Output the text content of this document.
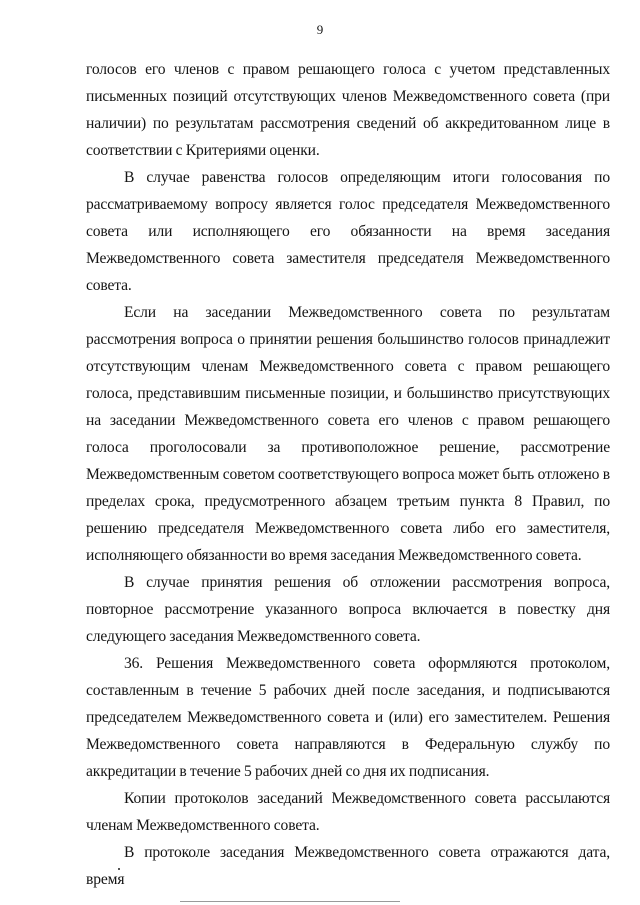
9

голосов его членов с правом решающего голоса с учетом представленных письменных позиций отсутствующих членов Межведомственного совета (при наличии) по результатам рассмотрения сведений об аккредитованном лице в соответствии с Критериями оценки.

В случае равенства голосов определяющим итоги голосования по рассматриваемому вопросу является голос председателя Межведомственного совета или исполняющего его обязанности на время заседания Межведомственного совета заместителя председателя Межведомственного совета.

Если на заседании Межведомственного совета по результатам рассмотрения вопроса о принятии решения большинство голосов принадлежит отсутствующим членам Межведомственного совета с правом решающего голоса, представившим письменные позиции, и большинство присутствующих на заседании Межведомственного совета его членов с правом решающего голоса проголосовали за противоположное решение, рассмотрение Межведомственным советом соответствующего вопроса может быть отложено в пределах срока, предусмотренного абзацем третьим пункта 8 Правил, по решению председателя Межведомственного совета либо его заместителя, исполняющего обязанности во время заседания Межведомственного совета.

В случае принятия решения об отложении рассмотрения вопроса, повторное рассмотрение указанного вопроса включается в повестку дня следующего заседания Межведомственного совета.

36. Решения Межведомственного совета оформляются протоколом, составленным в течение 5 рабочих дней после заседания, и подписываются председателем Межведомственного совета и (или) его заместителем. Решения Межведомственного совета направляются в Федеральную службу по аккредитации в течение 5 рабочих дней со дня их подписания.

Копии протоколов заседаний Межведомственного совета рассылаются членам Межведомственного совета.

В протоколе заседания Межведомственного совета отражаются дата, время
